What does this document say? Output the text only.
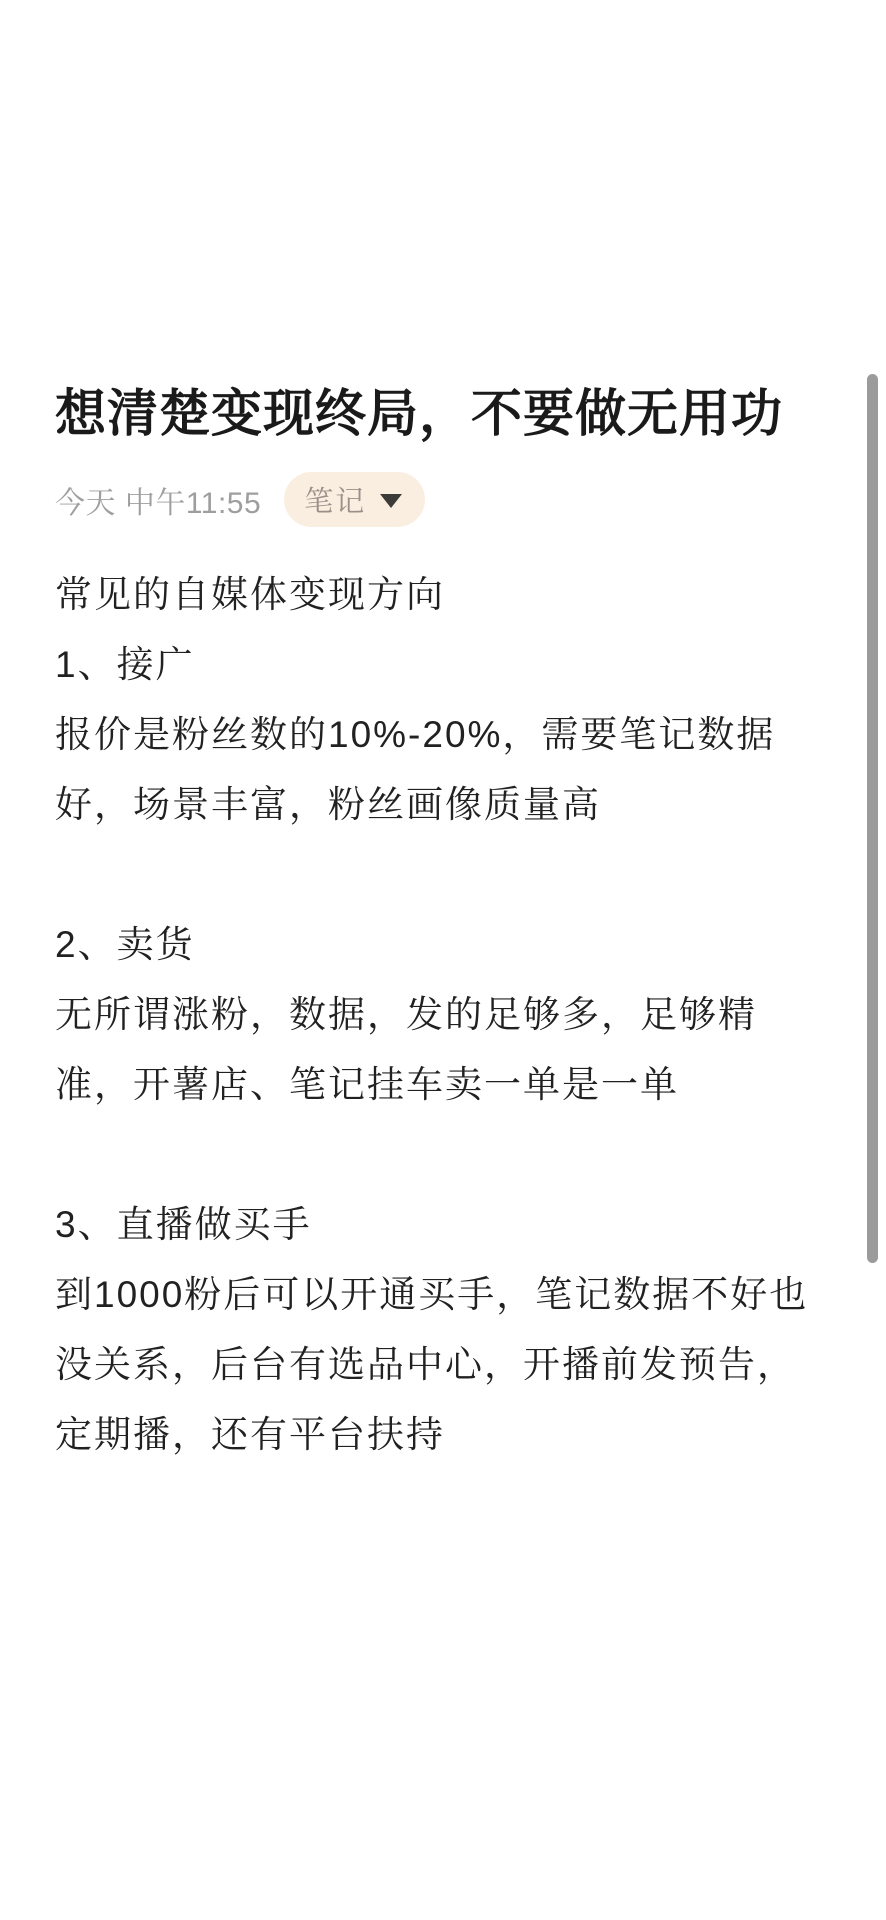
想清楚变现终局，不要做无用功
今天 中午11:55 笔记
常见的自媒体变现方向
1、接广
报价是粉丝数的10%-20%，需要笔记数据
好，场景丰富，粉丝画像质量高
2、卖货
无所谓涨粉，数据，发的足够多，足够精
准，开薯店、笔记挂车卖一单是一单
3、直播做买手
到1000粉后可以开通买手，笔记数据不好也
没关系，后台有选品中心，开播前发预告，
定期播，还有平台扶持
